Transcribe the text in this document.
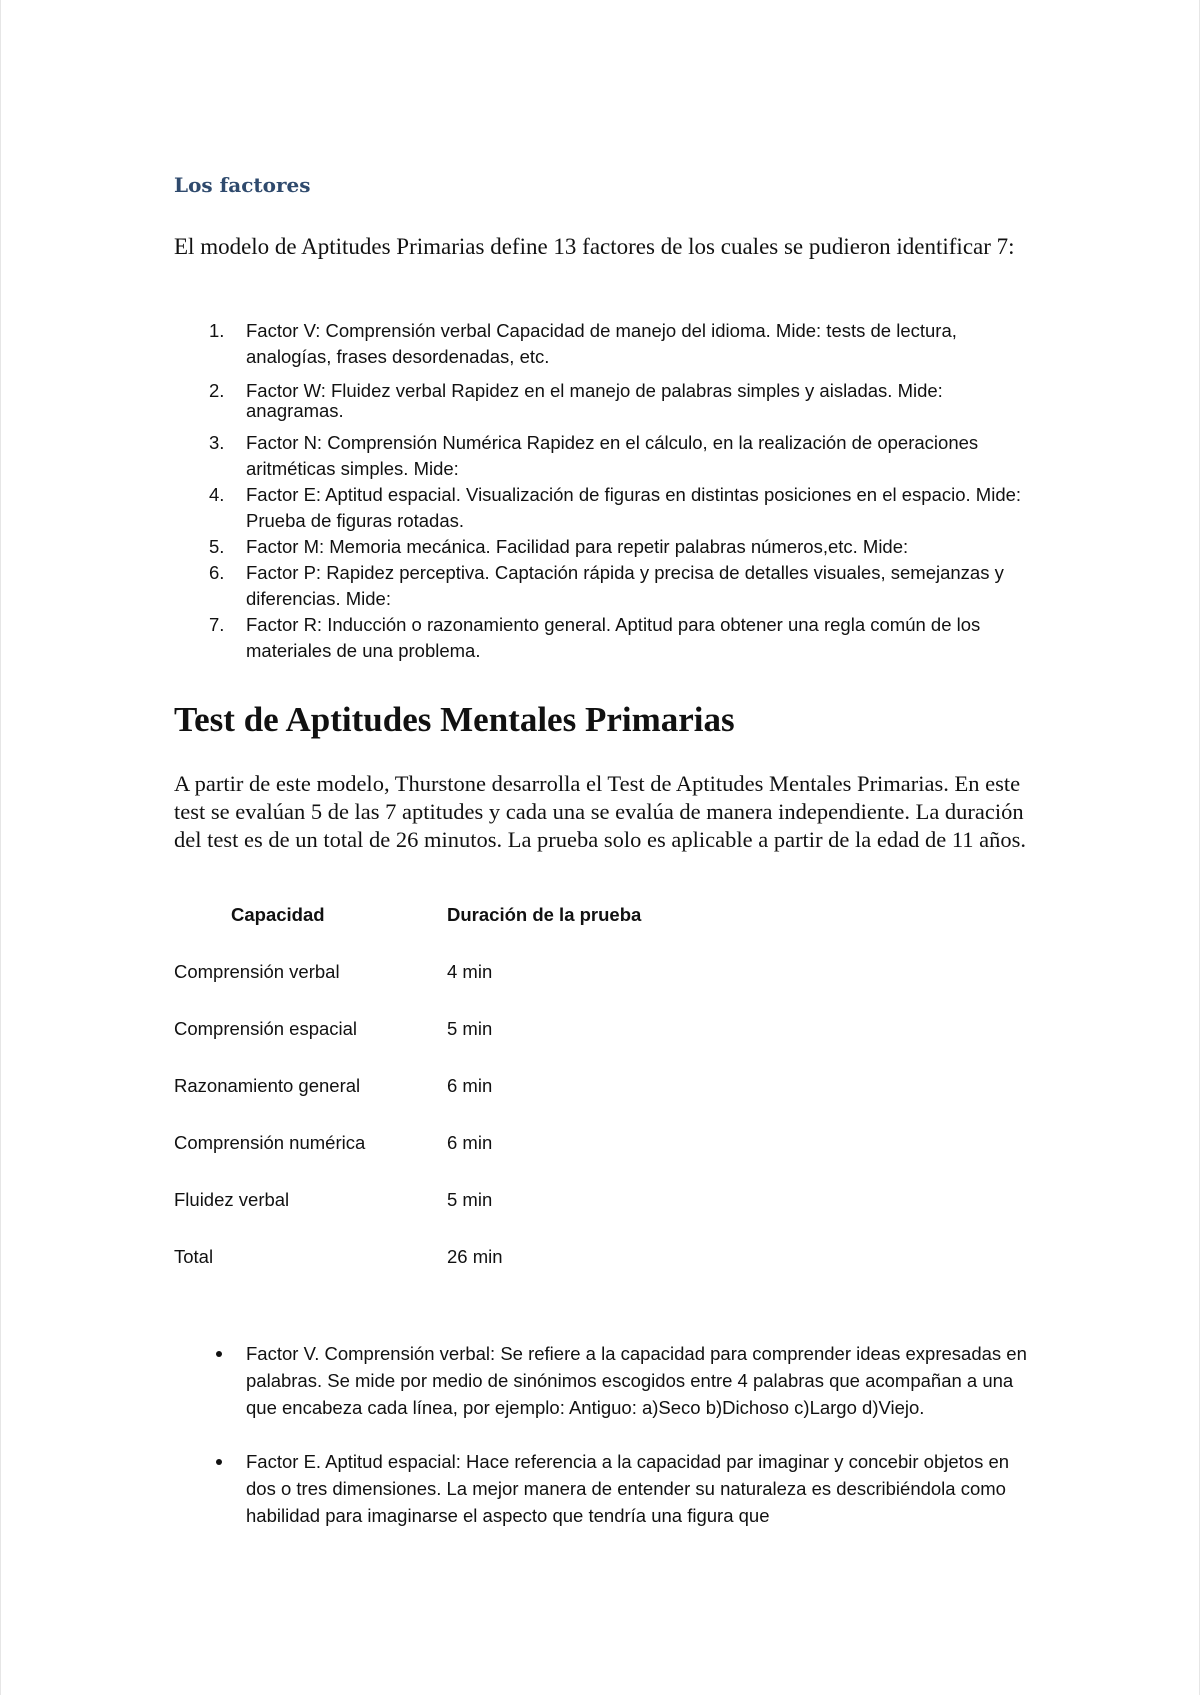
Los factores

El modelo de Aptitudes Primarias define 13 factores de los cuales se pudieron identificar 7:

1. Factor V: Comprensión verbal Capacidad de manejo del idioma. Mide: tests de lectura, analogías, frases desordenadas, etc.
2. Factor W: Fluidez verbal Rapidez en el manejo de palabras simples y aisladas. Mide:
anagramas.
3. Factor N: Comprensión Numérica Rapidez en el cálculo, en la realización de operaciones aritméticas simples. Mide:
4. Factor E: Aptitud espacial. Visualización de figuras en distintas posiciones en el espacio. Mide: Prueba de figuras rotadas.
5. Factor M: Memoria mecánica. Facilidad para repetir palabras números,etc. Mide:
6. Factor P: Rapidez perceptiva. Captación rápida y precisa de detalles visuales, semejanzas y diferencias. Mide:
7. Factor R: Inducción o razonamiento general. Aptitud para obtener una regla común de los materiales de una problema.
Test de Aptitudes Mentales Primarias

A partir de este modelo, Thurstone desarrolla el Test de Aptitudes Mentales Primarias. En este test se evalúan 5 de las 7 aptitudes y cada una se evalúa de manera independiente. La duración del test es de un total de 26 minutos. La prueba solo es aplicable a partir de la edad de 11 años.

Capacidad	Duración de la prueba
Comprensión verbal	4 min
Comprensión espacial	5 min
Razonamiento general	6 min
Comprensión numérica	6 min
Fluidez verbal	5 min
Total	26 min
Factor V. Comprensión verbal: Se refiere a la capacidad para comprender ideas expresadas en palabras. Se mide por medio de sinónimos escogidos entre 4 palabras que acompañan a una que encabeza cada línea, por ejemplo: Antiguo: a)Seco b)Dichoso c)Largo d)Viejo.
Factor E. Aptitud espacial: Hace referencia a la capacidad par imaginar y concebir objetos en dos o tres dimensiones. La mejor manera de entender su naturaleza es describiéndola como habilidad para imaginarse el aspecto que tendría una figura que
